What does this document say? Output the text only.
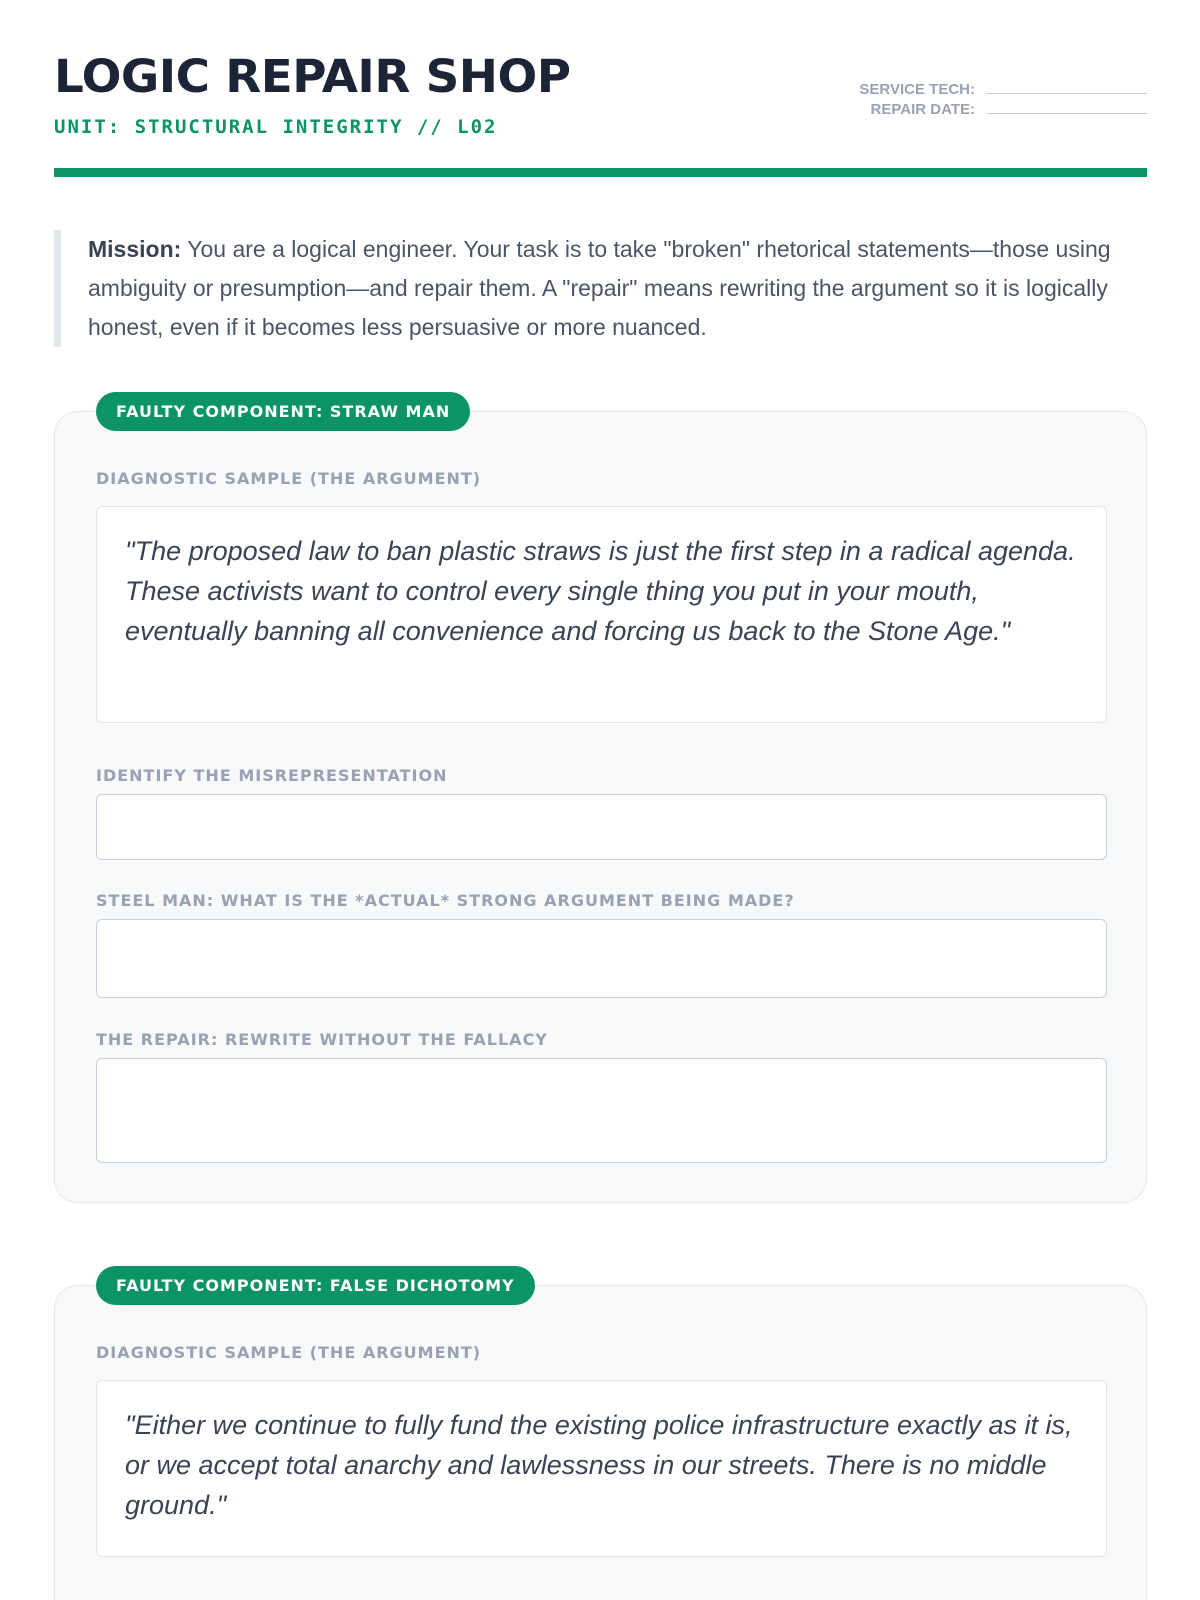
LOGIC REPAIR SHOP
UNIT: STRUCTURAL INTEGRITY // L02
SERVICE TECH:
REPAIR DATE:
Mission: You are a logical engineer. Your task is to take "broken" rhetorical statements—those using ambiguity or presumption—and repair them. A "repair" means rewriting the argument so it is logically honest, even if it becomes less persuasive or more nuanced.
FAULTY COMPONENT: STRAW MAN
DIAGNOSTIC SAMPLE (THE ARGUMENT)
"The proposed law to ban plastic straws is just the first step in a radical agenda. These activists want to control every single thing you put in your mouth, eventually banning all convenience and forcing us back to the Stone Age."
IDENTIFY THE MISREPRESENTATION
STEEL MAN: WHAT IS THE *ACTUAL* STRONG ARGUMENT BEING MADE?
THE REPAIR: REWRITE WITHOUT THE FALLACY
FAULTY COMPONENT: FALSE DICHOTOMY
DIAGNOSTIC SAMPLE (THE ARGUMENT)
"Either we continue to fully fund the existing police infrastructure exactly as it is, or we accept total anarchy and lawlessness in our streets. There is no middle ground."
